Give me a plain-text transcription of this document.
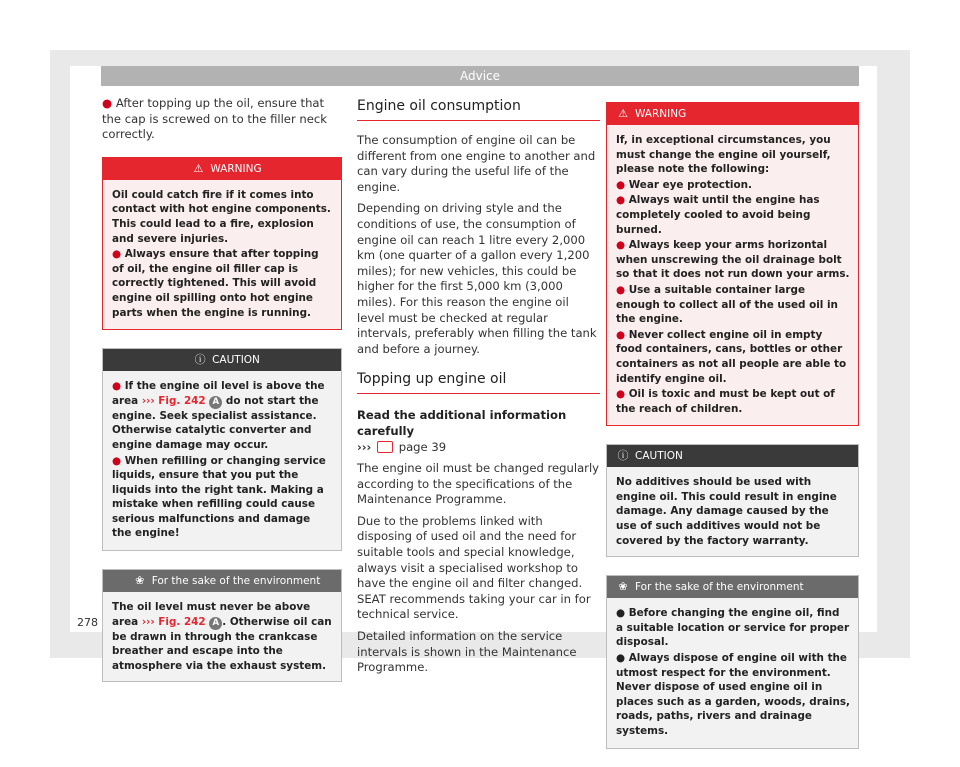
Advice

● After topping up the oil, ensure that the cap is screwed on to the filler neck correctly.

⚠ WARNING
Oil could catch fire if it comes into contact with hot engine components. This could lead to a fire, explosion and severe injuries.
● Always ensure that after topping of oil, the engine oil filler cap is correctly tightened. This will avoid engine oil spilling onto hot engine parts when the engine is running.
ⓘ CAUTION
● If the engine oil level is above the area ››› Fig. 242 A do not start the engine. Seek specialist assistance. Otherwise catalytic converter and engine damage may occur.
● When refilling or changing service liquids, ensure that you put the liquids into the right tank. Making a mistake when refilling could cause serious malfunctions and damage the engine!
❀ For the sake of the environment
The oil level must never be above area ››› Fig. 242 A . Otherwise oil can be drawn in through the crankcase breather and escape into the atmosphere via the exhaust system.
Engine oil consumption

The consumption of engine oil can be different from one engine to another and can vary during the useful life of the engine.

Depending on driving style and the conditions of use, the consumption of engine oil can reach 1 litre every 2,000 km (one quarter of a gallon every 1,200 miles); for new vehicles, this could be higher for the first 5,000 km (3,000 miles). For this reason the engine oil level must be checked at regular intervals, preferably when filling the tank and before a journey.

Topping up engine oil
Read the additional information carefully

››› page 39

The engine oil must be changed regularly according to the specifications of the Maintenance Programme.

Due to the problems linked with disposing of used oil and the need for suitable tools and special knowledge, always visit a specialised workshop to have the engine oil and filter changed. SEAT recommends taking your car in for technical service.

Detailed information on the service intervals is shown in the Maintenance Programme.

⚠ WARNING
If, in exceptional circumstances, you must change the engine oil yourself, please note the following:
● Wear eye protection.
● Always wait until the engine has completely cooled to avoid being burned.
● Always keep your arms horizontal when unscrewing the oil drainage bolt so that it does not run down your arms.
● Use a suitable container large enough to collect all of the used oil in the engine.
● Never collect engine oil in empty food containers, cans, bottles or other containers as not all people are able to identify engine oil.
● Oil is toxic and must be kept out of the reach of children.
ⓘ CAUTION
No additives should be used with engine oil. This could result in engine damage. Any damage caused by the use of such additives would not be covered by the factory warranty.
❀ For the sake of the environment
● Before changing the engine oil, find a suitable location or service for proper disposal.
● Always dispose of engine oil with the utmost respect for the environment. Never dispose of used engine oil in places such as a garden, woods, drains, roads, paths, rivers and drainage systems.
278
